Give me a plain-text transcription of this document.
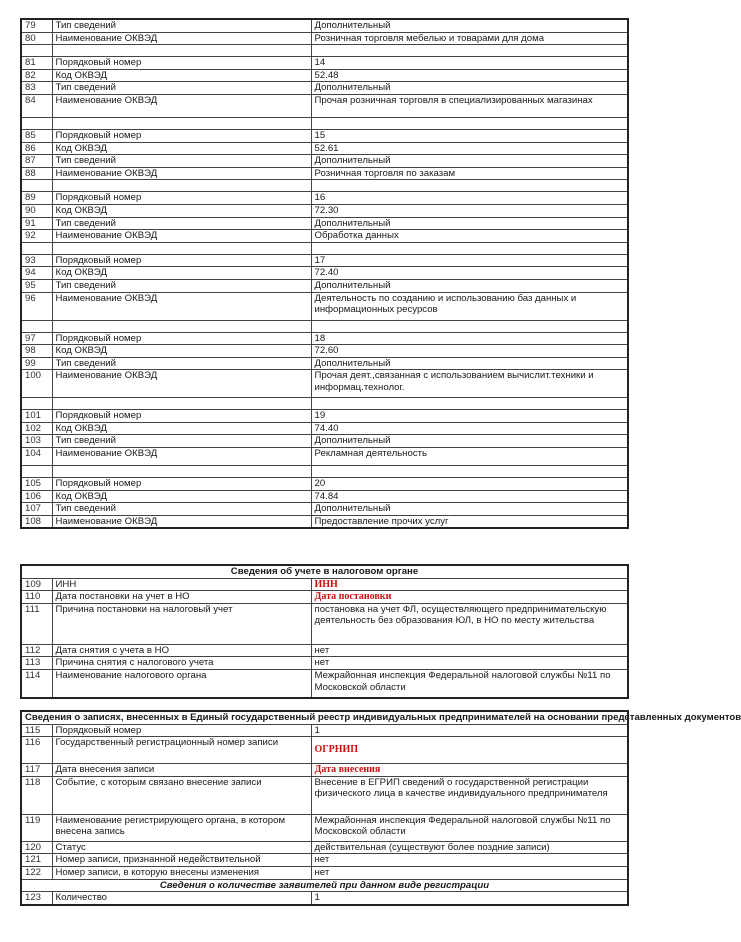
79	Тип сведений	Дополнительный
80	Наименование ОКВЭД	Розничная торговля мебелью и товарами для дома

81	Порядковый номер	14
82	Код ОКВЭД	52.48
83	Тип сведений	Дополнительный
84	Наименование ОКВЭД	Прочая розничная торговля в специализированных магазинах

85	Порядковый номер	15
86	Код ОКВЭД	52.61
87	Тип сведений	Дополнительный
88	Наименование ОКВЭД	Розничная торговля по заказам

89	Порядковый номер	16
90	Код ОКВЭД	72.30
91	Тип сведений	Дополнительный
92	Наименование ОКВЭД	Обработка данных

93	Порядковый номер	17
94	Код ОКВЭД	72.40
95	Тип сведений	Дополнительный
96	Наименование ОКВЭД	Деятельность по созданию и использованию баз данных и информационных ресурсов

97	Порядковый номер	18
98	Код ОКВЭД	72.60
99	Тип сведений	Дополнительный
100	Наименование ОКВЭД	Прочая деят.,связанная с использованием вычислит.техники и информац.технолог.

101	Порядковый номер	19
102	Код ОКВЭД	74.40
103	Тип сведений	Дополнительный
104	Наименование ОКВЭД	Рекламная деятельность

105	Порядковый номер	20
106	Код ОКВЭД	74.84
107	Тип сведений	Дополнительный
108	Наименование ОКВЭД	Предоставление прочих услуг
Сведения об учете в налоговом органе		
109	ИНН	ИНН
110	Дата постановки на учет в НО	Дата постановки
111	Причина постановки на налоговый учет	постановка на учет ФЛ, осуществляющего предпринимательскую деятельность без образования ЮЛ, в НО по месту жительства
112	Дата снятия с учета в НО	нет
113	Причина снятия с налогового учета	нет
114	Наименование налогового органа	Межрайонная инспекция Федеральной налоговой службы №11 по Московской области
Сведения о записях, внесенных в Единый государственный реестр индивидуальных предпринимателей на основании представленных документов		
115	Порядковый номер	1
116	Государственный регистрационный номер записи	ОГРНИП
117	Дата внесения записи	Дата внесения
118	Событие, с которым связано внесение записи	Внесение в ЕГРИП сведений о государственной регистрации физического лица в качестве индивидуального предпринимателя
119	Наименование регистрирующего органа, в котором внесена запись	Межрайонная инспекция Федеральной налоговой службы №11 по Московской области
120	Статус	действительная (существуют более поздние записи)
121	Номер записи, признанной недействительной	нет
122	Номер записи, в которую внесены изменения	нет
Сведения о количестве заявителей при данном виде регистрации		
123	Количество	1
